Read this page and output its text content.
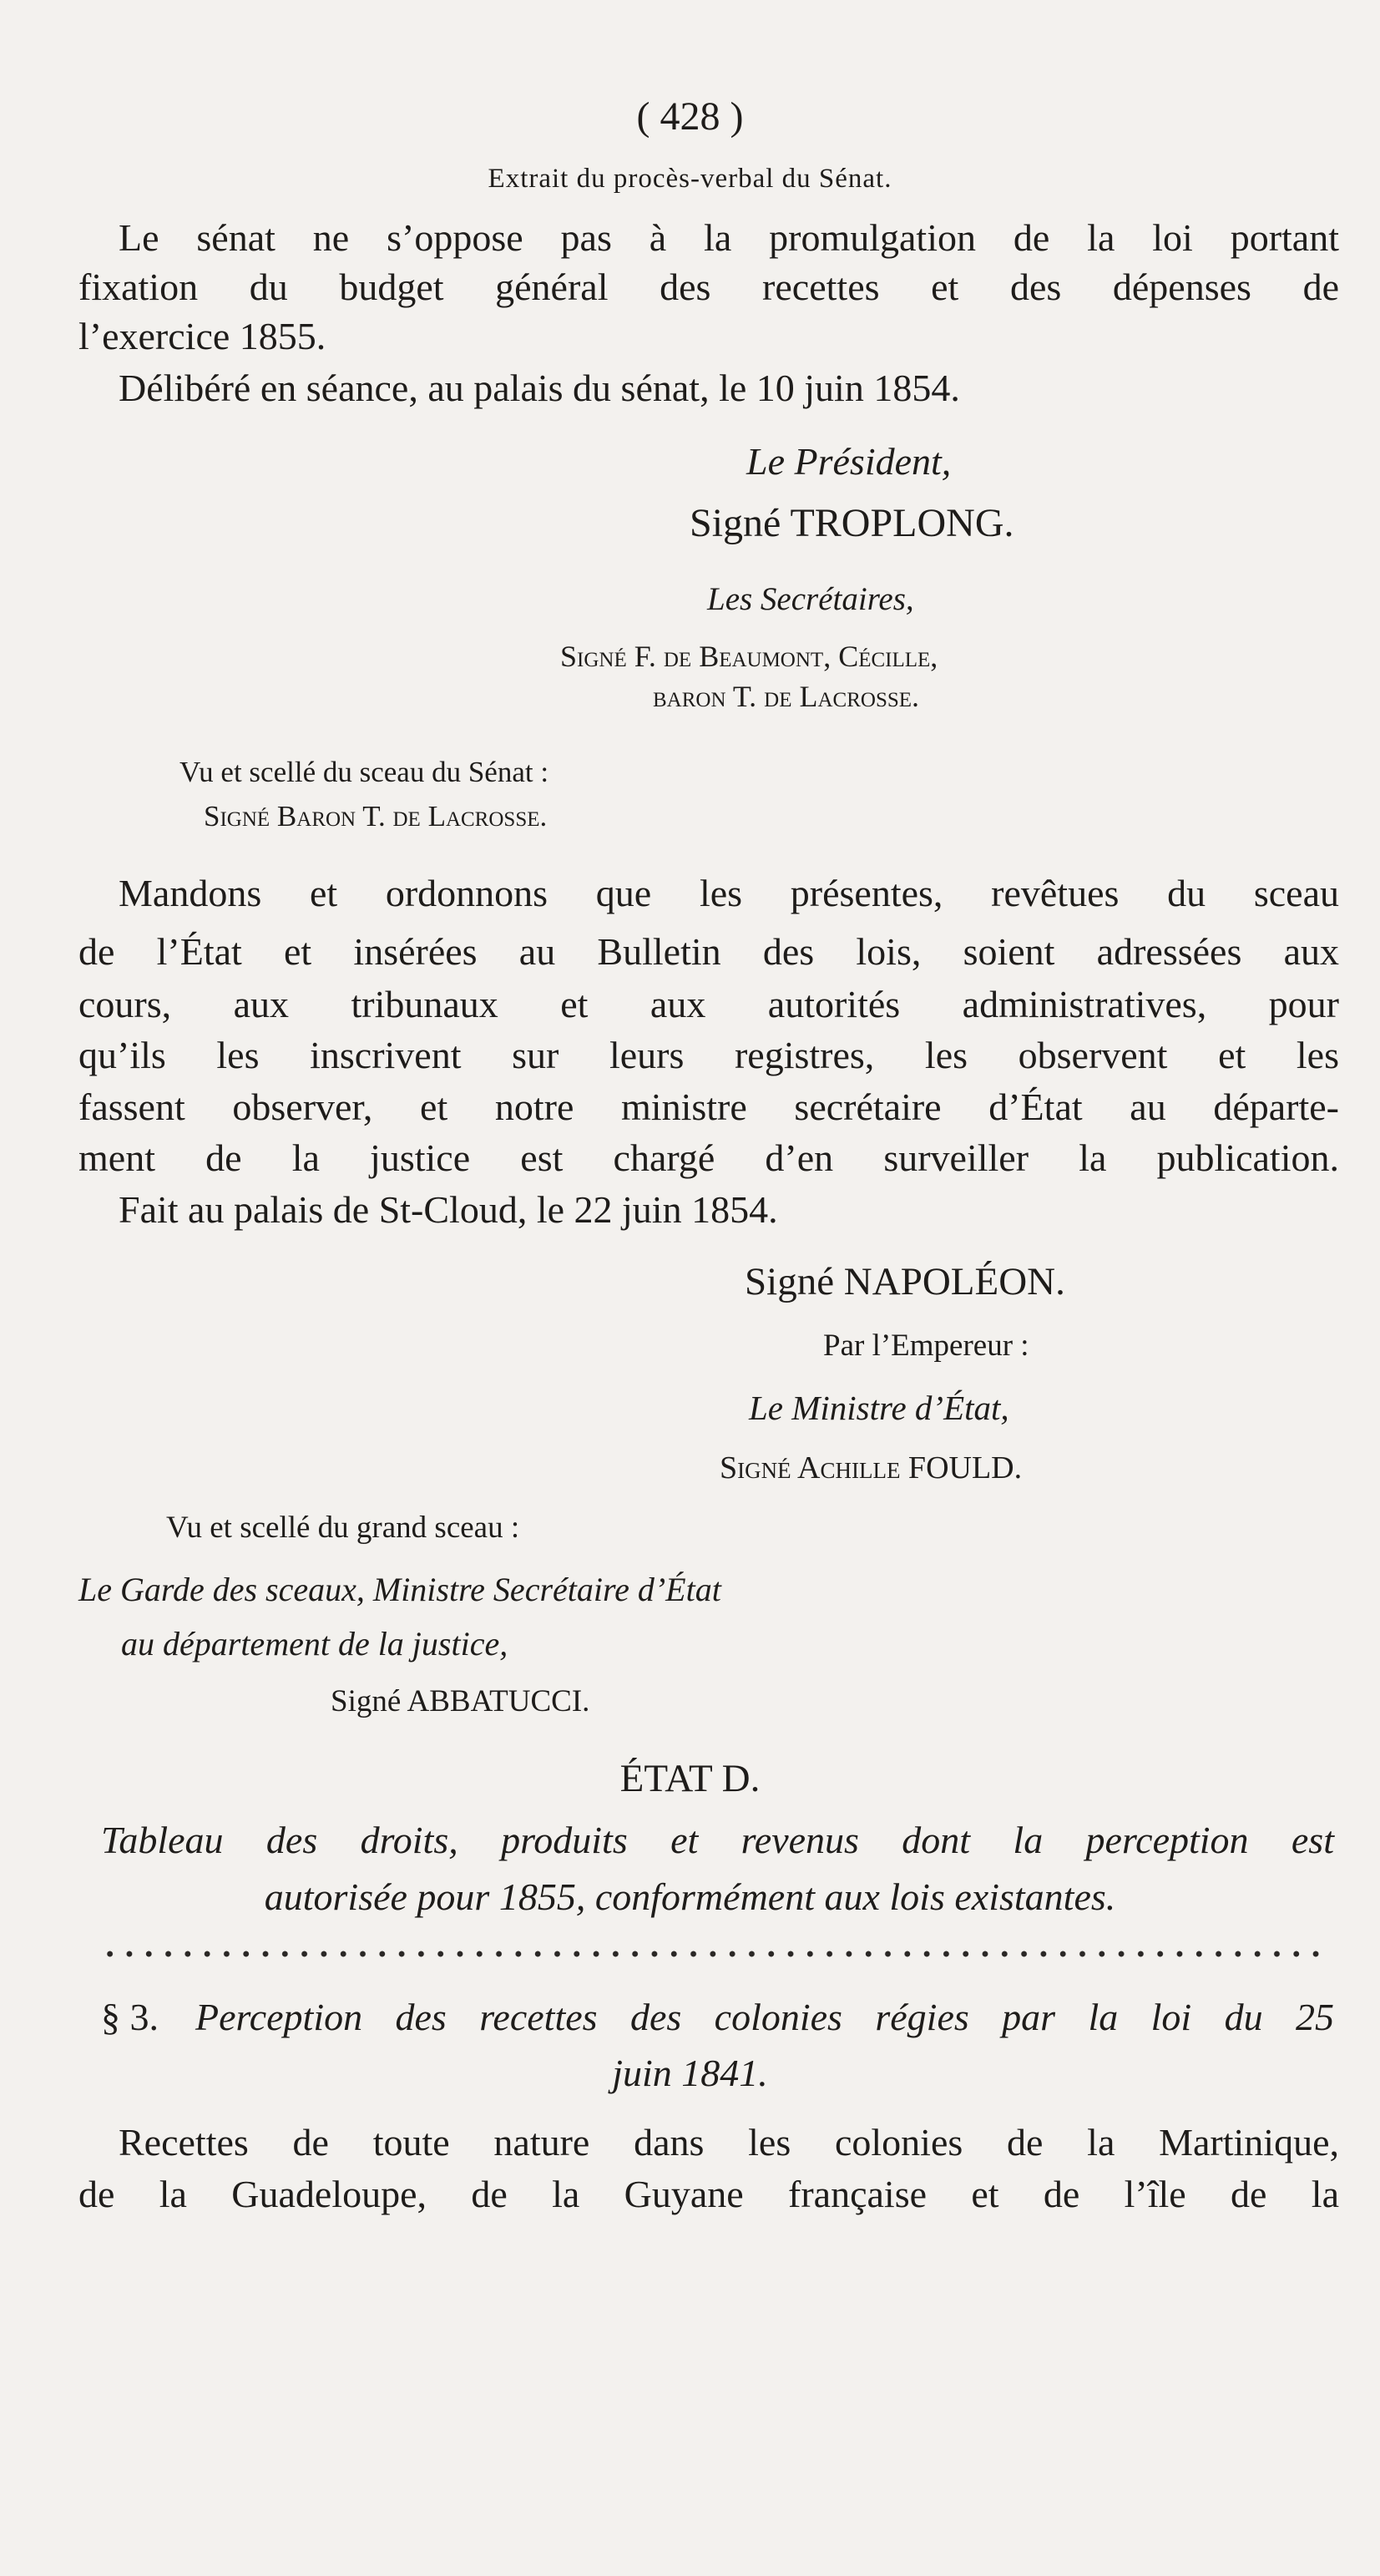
( 428 )
Extrait du procès-verbal du Sénat.
Le sénat ne s’oppose pas à la promulgation de la loi portant
fixation du budget général des recettes et des dépenses de
l’exercice 1855.
Délibéré en séance, au palais du sénat, le 10 juin 1854.
Le Président,
Signé TROPLONG.
Les Secrétaires,
Signé F. de Beaumont, Cécille,
baron T. de Lacrosse.
Vu et scellé du sceau du Sénat :
Signé Baron T. de Lacrosse.
Mandons et ordonnons que les présentes, revêtues du sceau
de l’État et insérées au Bulletin des lois, soient adressées aux
cours, aux tribunaux et aux autorités administratives, pour
qu’ils les inscrivent sur leurs registres, les observent et les
fassent observer, et notre ministre secrétaire d’État au départe-
ment de la justice est chargé d’en surveiller la publication.
Fait au palais de St-Cloud, le 22 juin 1854.
Signé NAPOLÉON.
Par l’Empereur :
Le Ministre d’État,
Signé Achille FOULD.
Vu et scellé du grand sceau :
Le Garde des sceaux, Ministre Secrétaire d’État
au département de la justice,
Signé ABBATUCCI.
ÉTAT D.
Tableau des droits, produits et revenus dont la perception est
autorisée pour 1855, conformément aux lois existantes.
§ 3. Perception des recettes des colonies régies par la loi du 25
juin 1841.
Recettes de toute nature dans les colonies de la Martinique,
de la Guadeloupe, de la Guyane française et de l’île de la
